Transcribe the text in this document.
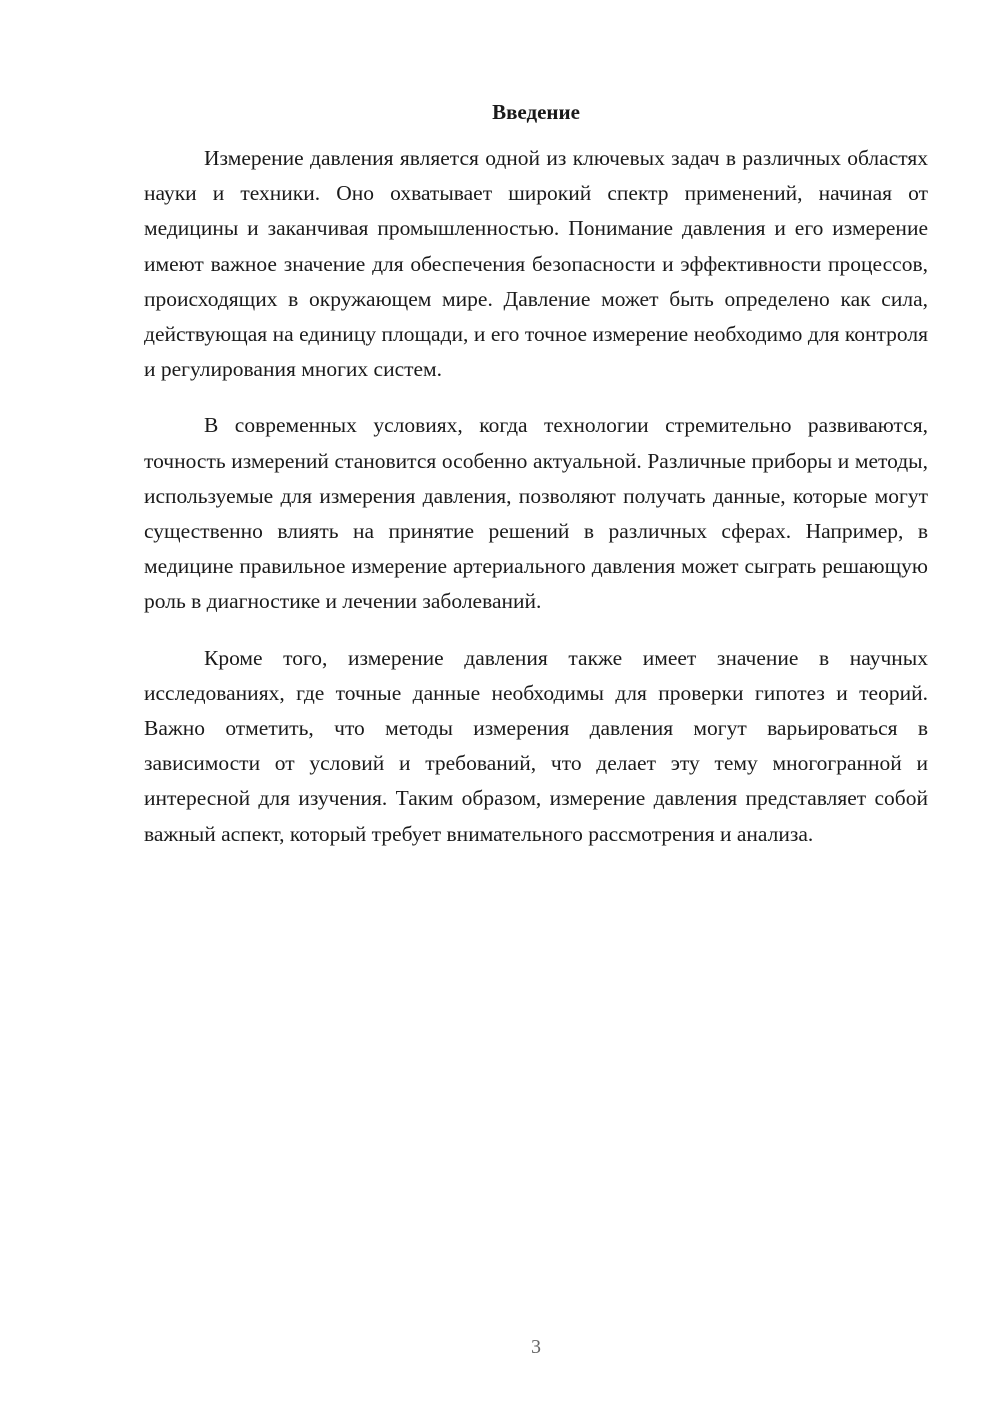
Введение

Измерение давления является одной из ключевых задач в различных областях науки и техники. Оно охватывает широкий спектр применений, начиная от медицины и заканчивая промышленностью. Понимание давления и его измерение имеют важное значение для обеспечения безопасности и эффективности процессов, происходящих в окружающем мире. Давление может быть определено как сила, действующая на единицу площади, и его точное измерение необходимо для контроля и регулирования многих систем.

В современных условиях, когда технологии стремительно развиваются, точность измерений становится особенно актуальной. Различные приборы и методы, используемые для измерения давления, позволяют получать данные, которые могут существенно влиять на принятие решений в различных сферах. Например, в медицине правильное измерение артериального давления может сыграть решающую роль в диагностике и лечении заболеваний.

Кроме того, измерение давления также имеет значение в научных исследованиях, где точные данные необходимы для проверки гипотез и теорий. Важно отметить, что методы измерения давления могут варьироваться в зависимости от условий и требований, что делает эту тему многогранной и интересной для изучения. Таким образом, измерение давления представляет собой важный аспект, который требует внимательного рассмотрения и анализа.

3
